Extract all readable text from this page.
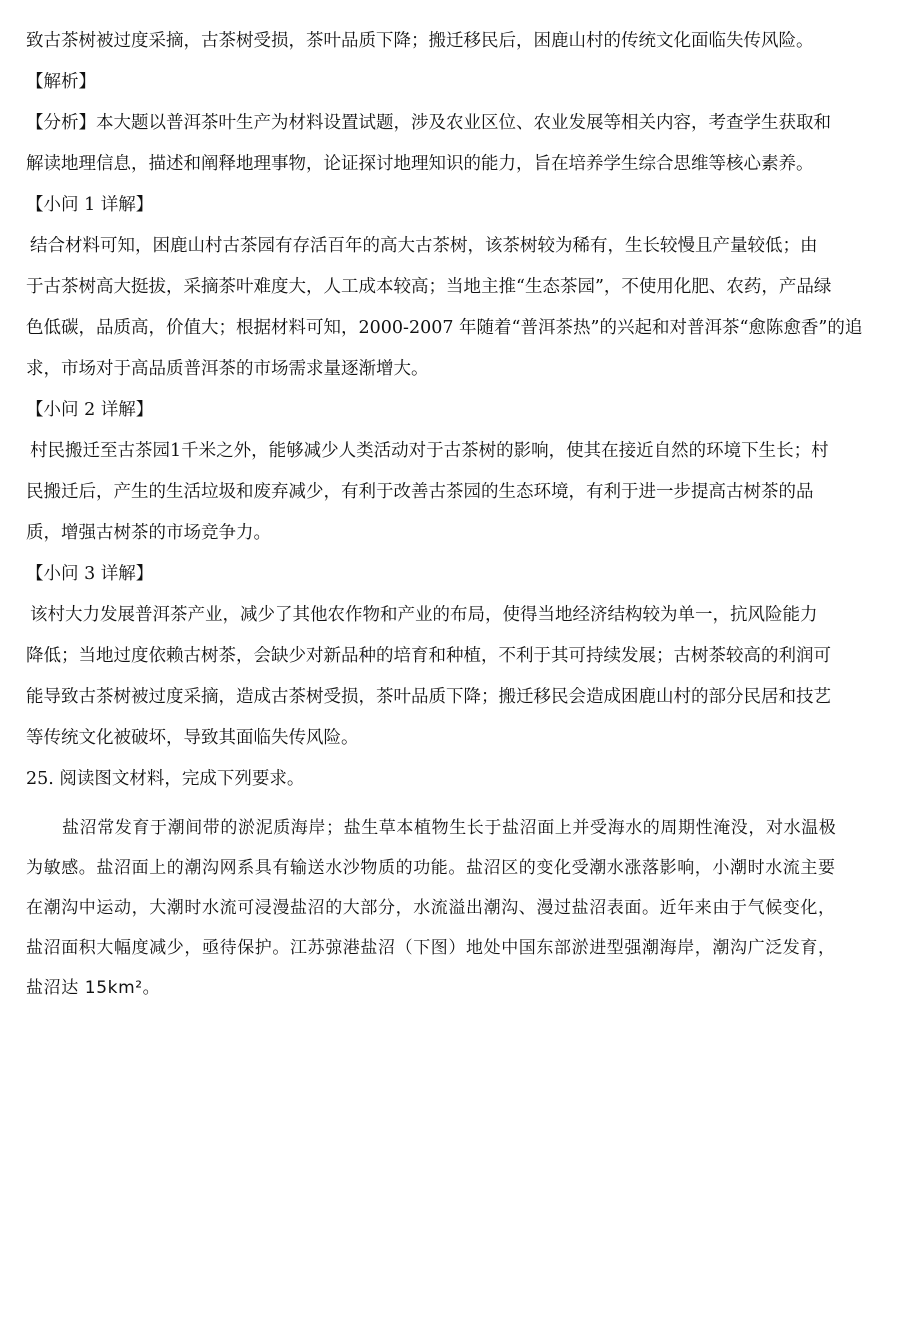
致古茶树被过度采摘，古茶树受损，茶叶品质下降；搬迁移民后，困鹿山村的传统文化面临失传风险。
【解析】
【分析】本大题以普洱茶叶生产为材料设置试题，涉及农业区位、农业发展等相关内容，考查学生获取和
解读地理信息，描述和阐释地理事物，论证探讨地理知识的能力，旨在培养学生综合思维等核心素养。
【小问 1 详解】
结合材料可知，困鹿山村古茶园有存活百年的高大古茶树，该茶树较为稀有，生长较慢且产量较低；由
于古茶树高大挺拔，采摘茶叶难度大，人工成本较高；当地主推“生态茶园”，不使用化肥、农药，产品绿
色低碳，品质高，价值大；根据材料可知，2000-2007 年随着“普洱茶热”的兴起和对普洱茶“愈陈愈香”的追
求，市场对于高品质普洱茶的市场需求量逐渐增大。
【小问 2 详解】
村民搬迁至古茶园1千米之外，能够减少人类活动对于古茶树的影响，使其在接近自然的环境下生长；村
民搬迁后，产生的生活垃圾和废弃减少，有利于改善古茶园的生态环境，有利于进一步提高古树茶的品
质，增强古树茶的市场竞争力。
【小问 3 详解】
该村大力发展普洱茶产业，减少了其他农作物和产业的布局，使得当地经济结构较为单一，抗风险能力
降低；当地过度依赖古树茶，会缺少对新品种的培育和种植，不利于其可持续发展；古树茶较高的利润可
能导致古茶树被过度采摘，造成古茶树受损，茶叶品质下降；搬迁移民会造成困鹿山村的部分民居和技艺
等传统文化被破坏，导致其面临失传风险。
25. 阅读图文材料，完成下列要求。
盐沼常发育于潮间带的淤泥质海岸；盐生草本植物生长于盐沼面上并受海水的周期性淹没，对水温极
为敏感。盐沼面上的潮沟网系具有输送水沙物质的功能。盐沼区的变化受潮水涨落影响，小潮时水流主要
在潮沟中运动，大潮时水流可浸漫盐沼的大部分，水流溢出潮沟、漫过盐沼表面。近年来由于气候变化，
盐沼面积大幅度减少，亟待保护。江苏弶港盐沼（下图）地处中国东部淤进型强潮海岸，潮沟广泛发育，
盐沼达 15km²。
